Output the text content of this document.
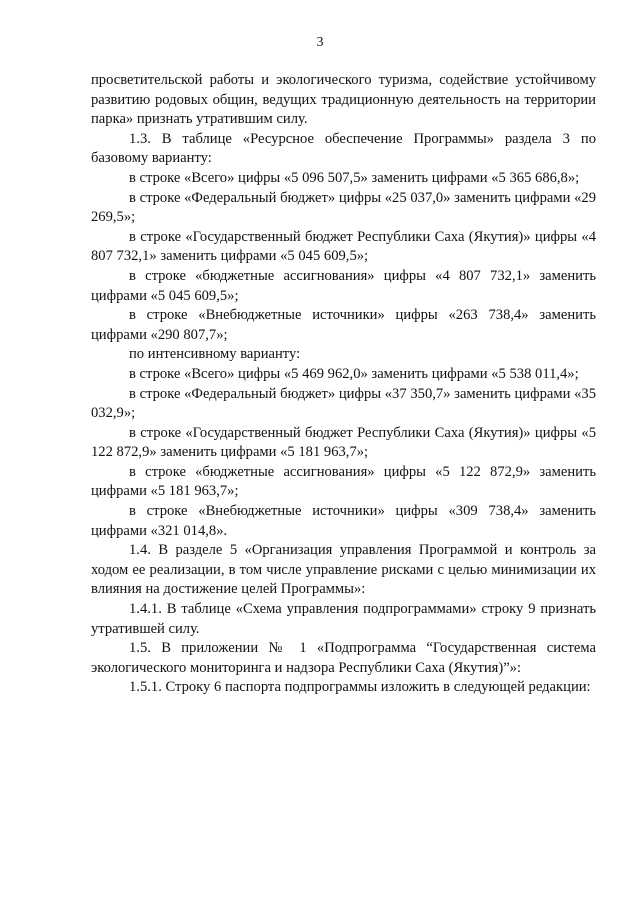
3

просветительской работы и экологического туризма, содействие устойчивому развитию родовых общин, ведущих традиционную деятельность на территории парка» признать утратившим силу.

1.3. В таблице «Ресурсное обеспечение Программы» раздела 3 по базовому варианту:

в строке «Всего» цифры «5 096 507,5» заменить цифрами «5 365 686,8»;

в строке «Федеральный бюджет» цифры «25 037,0» заменить цифрами «29 269,5»;

в строке «Государственный бюджет Республики Саха (Якутия)» цифры «4 807 732,1» заменить цифрами «5 045 609,5»;

в строке «бюджетные ассигнования» цифры «4 807 732,1» заменить цифрами «5 045 609,5»;

в строке «Внебюджетные источники» цифры «263 738,4» заменить цифрами «290 807,7»;

по интенсивному варианту:

в строке «Всего» цифры «5 469 962,0» заменить цифрами «5 538 011,4»;

в строке «Федеральный бюджет» цифры «37 350,7» заменить цифрами «35 032,9»;

в строке «Государственный бюджет Республики Саха (Якутия)» цифры «5 122 872,9» заменить цифрами «5 181 963,7»;

в строке «бюджетные ассигнования» цифры «5 122 872,9» заменить цифрами «5 181 963,7»;

в строке «Внебюджетные источники» цифры «309 738,4» заменить цифрами «321 014,8».

1.4. В разделе 5 «Организация управления Программой и контроль за ходом ее реализации, в том числе управление рисками с целью минимизации их влияния на достижение целей Программы»:

1.4.1. В таблице «Схема управления подпрограммами» строку 9 признать утратившей силу.

1.5. В приложении № 1 «Подпрограмма “Государственная система экологического мониторинга и надзора Республики Саха (Якутия)”»:

1.5.1. Строку 6 паспорта подпрограммы изложить в следующей редакции:
